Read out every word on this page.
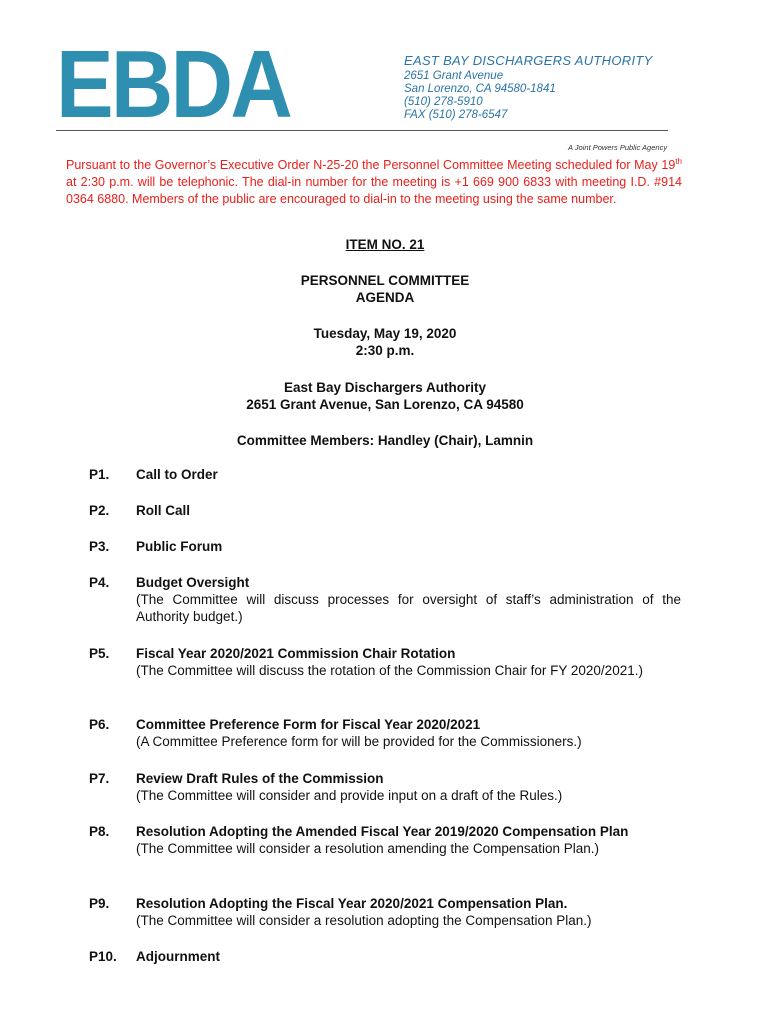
EBDA	EAST BAY DISCHARGERS AUTHORITY
2651 Grant Avenue
San Lorenzo, CA 94580-1841
(510) 278-5910
FAX (510) 278-6547
A Joint Powers Public Agency
Pursuant to the Governor’s Executive Order N-25-20 the Personnel Committee Meeting scheduled for May 19th at 2:30 p.m. will be telephonic. The dial-in number for the meeting is +1 669 900 6833 with meeting I.D. #914 0364 6880. Members of the public are encouraged to dial-in to the meeting using the same number.
ITEM NO. 21
PERSONNEL COMMITTEE
AGENDA
Tuesday, May 19, 2020
2:30 p.m.
East Bay Dischargers Authority
2651 Grant Avenue, San Lorenzo, CA 94580
Committee Members: Handley (Chair), Lamnin
P1. Call to Order
P2. Roll Call
P3. Public Forum
P4. Budget Oversight
(The Committee will discuss processes for oversight of staff’s administration of the Authority budget.)
P5. Fiscal Year 2020/2021 Commission Chair Rotation
(The Committee will discuss the rotation of the Commission Chair for FY 2020/2021.)
P6. Committee Preference Form for Fiscal Year 2020/2021
(A Committee Preference form for will be provided for the Commissioners.)
P7. Review Draft Rules of the Commission
(The Committee will consider and provide input on a draft of the Rules.)
P8. Resolution Adopting the Amended Fiscal Year 2019/2020 Compensation Plan
(The Committee will consider a resolution amending the Compensation Plan.)
P9. Resolution Adopting the Fiscal Year 2020/2021 Compensation Plan.
(The Committee will consider a resolution adopting the Compensation Plan.)
P10. Adjournment
